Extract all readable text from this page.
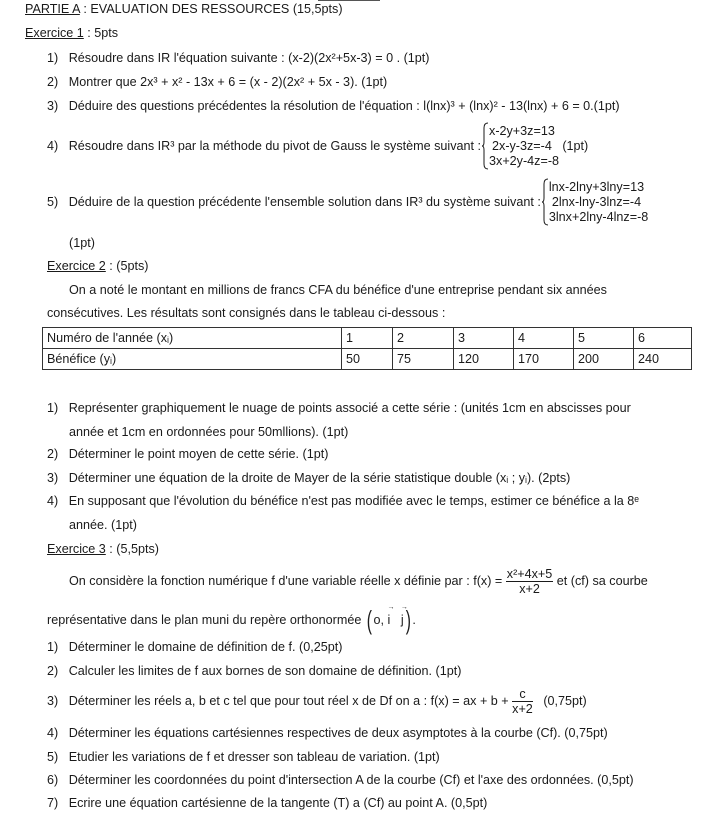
PARTIE A : EVALUATION DES RESSOURCES (15,5pts)
Exercice 1 : 5pts
1) Résoudre dans IR l'équation suivante : (x-2)(2x²+5x-3) = 0 . (1pt)
2) Montrer que 2x³ + x² - 13x + 6 = (x - 2)(2x² + 5x - 3). (1pt)
3) Déduire des questions précédentes la résolution de l'équation : l(lnx)³ + (lnx)² - 13(lnx) + 6 = 0.(1pt)
4)
Résoudre dans IR³ par la méthode du pivot de Gauss le système suivant :
x-2y+3z=13
2x-y-3z=-4 (1pt)
3x+2y-4z=-8
5)
Déduire de la question précédente l'ensemble solution dans IR³ du système suivant :
lnx-2lny+3lny=13
2lnx-lny-3lnz=-4
3lnx+2lny-4lnz=-8
(1pt)
Exercice 2 : (5pts)
On a noté le montant en millions de francs CFA du bénéfice d'une entreprise pendant six années
consécutives. Les résultats sont consignés dans le tableau ci-dessous :
Numéro de l'année (xᵢ)	1	2	3	4	5	6
Bénéfice (yᵢ)	50	75	120	170	200	240
1) Représenter graphiquement le nuage de points associé a cette série : (unités 1cm en abscisses pour
année et 1cm en ordonnées pour 50mllions). (1pt)
2) Déterminer le point moyen de cette série. (1pt)
3) Déterminer une équation de la droite de Mayer de la série statistique double (xᵢ ; yᵢ). (2pts)
4) En supposant que l'évolution du bénéfice n'est pas modifiée avec le temps, estimer ce bénéfice a la 8ᵉ
année. (1pt)
Exercice 3 : (5,5pts)
On considère la fonction numérique f d'une variable réelle x définie par : f(x) =
$\frac{\text{x²+4x+5}}{x+2}$
et (cf) sa courbe
représentative dans le plan muni du repère orthonormée
( o,
→ i
→ j ) .
1) Déterminer le domaine de définition de f. (0,25pt)
2) Calculer les limites de f aux bornes de son domaine de définition. (1pt)
3)
Déterminer les réels a, b et c tel que pour tout réel x de Df on a : f(x) = ax + b +
$\frac{c}{x+2}$
(0,75pt)
4) Déterminer les équations cartésiennes respectives de deux asymptotes à la courbe (Cf). (0,75pt)
5) Etudier les variations de f et dresser son tableau de variation. (1pt)
6) Déterminer les coordonnées du point d'intersection A de la courbe (Cf) et l'axe des ordonnées. (0,5pt)
7) Ecrire une équation cartésienne de la tangente (T) a (Cf) au point A. (0,5pt)
